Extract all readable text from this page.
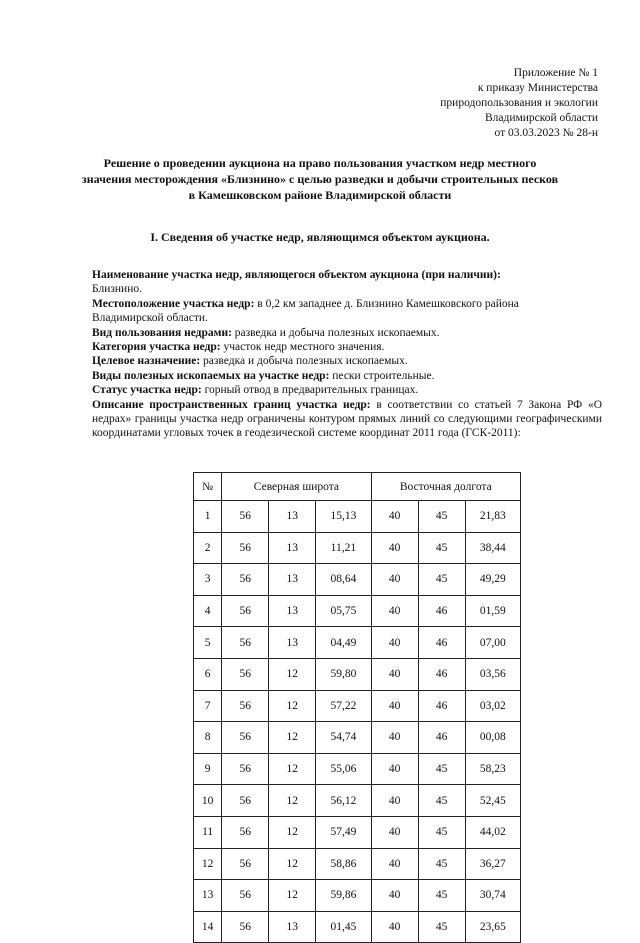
Приложение № 1
к приказу Министерства
природопользования и экологии
Владимирской области
от 03.03.2023 № 28-н
Решение о проведении аукциона на право пользования участком недр местного
значения месторождения «Близнино» с целью разведки и добычи строительных песков
в Камешковском районе Владимирской области
I. Сведения об участке недр, являющимся объектом аукциона.

Наименование участка недр, являющегося объектом аукциона (при наличии):

Близнино.

Местоположение участка недр: в 0,2 км западнее д. Близнино Камешковского района

Владимирской области.

Вид пользования недрами: разведка и добыча полезных ископаемых.

Категория участка недр: участок недр местного значения.

Целевое назначение: разведка и добыча полезных ископаемых.

Виды полезных ископаемых на участке недр: пески строительные.

Статус участка недр: горный отвод в предварительных границах.

Описание пространственных границ участка недр: в соответствии со статьей 7 Закона РФ «О недрах» границы участка недр ограничены контуром прямых линий со следующими географическими координатами угловых точек в геодезической системе координат 2011 года (ГСК-2011):

№	Северная широта			Восточная долгота		
1	56	13	15,13	40	45	21,83
2	56	13	11,21	40	45	38,44
3	56	13	08,64	40	45	49,29
4	56	13	05,75	40	46	01,59
5	56	13	04,49	40	46	07,00
6	56	12	59,80	40	46	03,56
7	56	12	57,22	40	46	03,02
8	56	12	54,74	40	46	00,08
9	56	12	55,06	40	45	58,23
10	56	12	56,12	40	45	52,45
11	56	12	57,49	40	45	44,02
12	56	12	58,86	40	45	36,27
13	56	12	59,86	40	45	30,74
14	56	13	01,45	40	45	23,65
